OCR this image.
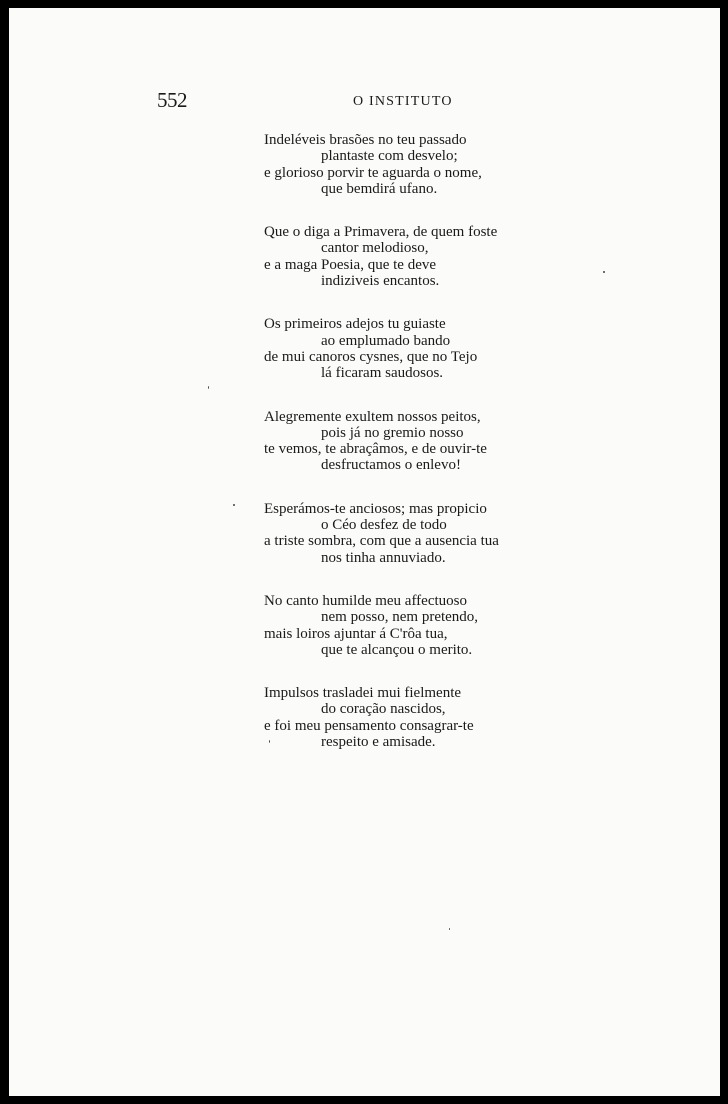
552	O INSTITUTO
Indeléveis brasões no teu passado
plantaste com desvelo;
e glorioso porvir te aguarda o nome,
que bemdirá ufano.
Que o diga a Primavera, de quem foste
cantor melodioso,
e a maga Poesia, que te deve
indiziveis encantos.
Os primeiros adejos tu guiaste
ao emplumado bando
de mui canoros cysnes, que no Tejo
lá ficaram saudosos.
Alegremente exultem nossos peitos,
pois já no gremio nosso
te vemos, te abraçâmos, e de ouvir-te
desfructamos o enlevo!
Esperámos-te anciosos; mas propicio
o Céo desfez de todo
a triste sombra, com que a ausencia tua
nos tinha annuviado.
No canto humilde meu affectuoso
nem posso, nem pretendo,
mais loiros ajuntar á C'rôa tua,
que te alcançou o merito.
Impulsos trasladei mui fielmente
do coração nascidos,
e foi meu pensamento consagrar-te
respeito e amisade.
